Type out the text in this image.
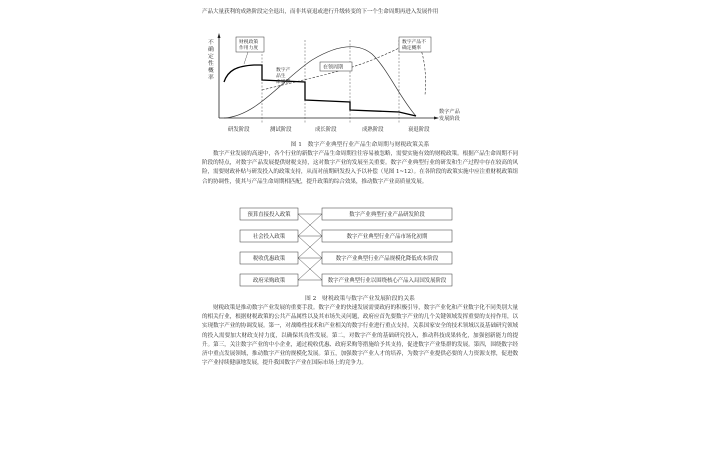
产品大量获利的成熟阶段完全退出，而非其衰退或进行升级转变的下一个生命周期再进入发展作用
不
确
定
性
概
率
财税政策
作用力度
数字产
品生
命周期
在领周期
数字产品不
确定概率
数字产品
发展阶段
研发阶段	测试阶段	成长阶段	成熟阶段	衰退阶段
图 1　数字产业典型行业产品生命周期与财税政策关系
数字产业发展的高速中，各个行业的新数字产品生命周期往往容易被忽略，需要实施有效的财税政策。根据产品生命周期不同阶段的特点，对数字产品发展提供财税支持，这对数字产业的发展至关重要。数字产业典型行业的研发和生产过程中存在较高的风险，需要财政补贴与研发投入的政策支持，从而对前期研发投入予以补偿（见图 1~12）。在各阶段的政策实施中应注重财税政策组合的协调性，使其与产品生命周期相匹配，提升政策的综合效果，推动数字产业高质量发展。
预算直接投入政策
社会投入政策
税收优惠政策
政府采购政策
数字产业典型行业产品研发阶段
数字产业典型行业产品市场化初期
数字产业典型行业产品规模化降低成本阶段
数字产业典型行业以围绕核心产品入局国发展阶段
图 2　财税政策与数字产业发展阶段的关系
财税政策是推动数字产业发展的重要手段。数字产业的快速发展需要政府的积极引导，数字产业化和产业数字化不同类别大量的相关行业，根据财税政策的公共产品属性以及其市场失灵问题，政府应首先要数字产业的几个关键领域发挥重要的支持作用，以实现数字产业的协调发展。第一，对战略性技术和产业相关的数字行业进行重点支持，关系国家安全的技术领域以及基础研究领域的投入需要加大财政支持力度，以确保其良性发展。第二，对数字产业的基础研究投入，推动科技成果转化，加强创新能力的提升。第三，关注数字产业的中小企业，通过税收优惠、政府采购等措施给予其支持，促进数字产业集群的发展。第四，围绕数字经济中重点发展领域，推动数字产业的规模化发展。第五，加强数字产业人才的培养，为数字产业提供必要的人力资源支撑，促进数字产业持续健康地发展，提升我国数字产业在国际市场上的竞争力。
